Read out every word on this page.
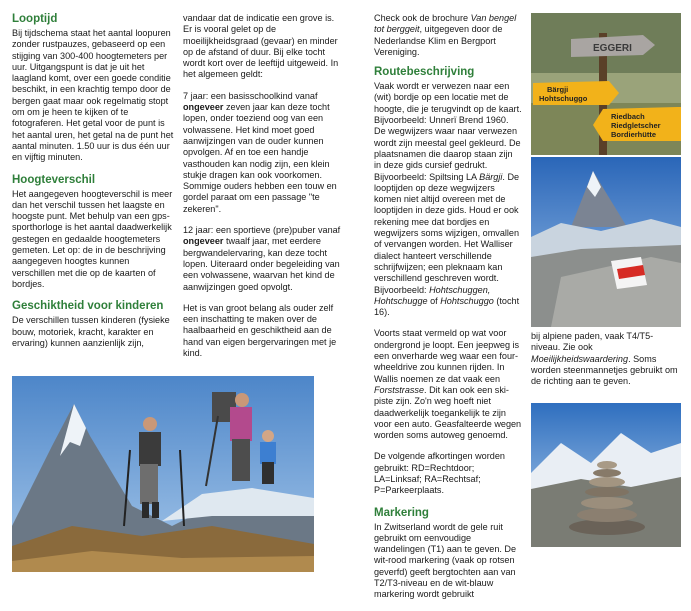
Looptijd

Bij tijdschema staat het aantal loopuren zonder rustpauzes, gebaseerd op een stijging van 300-400 hoogtemeters per uur. Uitgangspunt is dat je uit het laagland komt, over een goede conditie beschikt, in een krachtig tempo door de bergen gaat maar ook regelmatig stopt om om je heen te kijken of te fotograferen. Het getal voor de punt is het aantal uren, het getal na de punt het aantal minuten. 1.50 uur is dus één uur en vijftig minuten.

Hoogteverschil

Het aangegeven hoogteverschil is meer dan het verschil tussen het laagste en hoogste punt. Met behulp van een gps-sporthorloge is het aantal daadwerkelijk gestegen en gedaalde hoogtemeters gemeten. Let op: de in de beschrijving aangegeven hoogtes kunnen verschillen met die op de kaarten of bordjes.

Geschiktheid voor kinderen

De verschillen tussen kinderen (fysieke bouw, motoriek, kracht, karakter en ervaring) kunnen aanzienlijk zijn,

vandaar dat de indicatie een grove is. Er is vooral gelet op de moeilijkheidsgraad (gevaar) en minder op de afstand of duur. Bij elke tocht wordt kort over de leeftijd uitgeweid. In het algemeen geldt:

7 jaar: een basisschoolkind vanaf ongeveer zeven jaar kan deze tocht lopen, onder toeziend oog van een volwassene. Het kind moet goed aanwijzingen van de ouder kunnen opvolgen. Af en toe een handje vasthouden kan nodig zijn, een klein stukje dragen kan ook voorkomen. Sommige ouders hebben een touw en gordel paraat om een passage "te zekeren".

12 jaar: een sportieve (pre)puber vanaf ongeveer twaalf jaar, met eerdere bergwandelervaring, kan deze tocht lopen. Uiteraard onder begeleiding van een volwassene, waarvan het kind de aanwijzingen goed opvolgt.

Het is van groot belang als ouder zelf een inschatting te maken over de haalbaarheid en geschiktheid aan de hand van eigen bergervaringen met je kind.

Check ook de brochure Van bengel tot berggeit, uitgegeven door de Nederlandse Klim en Bergport Vereniging.

Routebeschrijving

Vaak wordt er verwezen naar een (wit) bordje op een locatie met de hoogte, die je terugvindt op de kaart. Bijvoorbeeld: Unnerï Brend 1960.

De wegwijzers waar naar verwezen wordt zijn meestal geel gekleurd. De plaatsnamen die daarop staan zijn in deze gids cursief gedrukt. Bijvoorbeeld: Spiltsing LA Bärgji. De looptijden op deze wegwijzers komen niet altijd overeen met de looptijden in deze gids. Houd er ook rekening mee dat bordjes en wegwijzers soms wijzigen, omvallen of vervangen worden. Het Walliser dialect hanteert verschillende schrijfwijzen; een pleknaam kan verschillend geschreven wordt. Bijvoorbeeld: Hohtschuggen, Hohtschugge of Hohtschuggo (tocht 16).

Voorts staat vermeld op wat voor ondergrond je loopt. Een jeepweg is een onverharde weg waar een four-wheeldrive zou kunnen rijden. In Wallis noemen ze dat vaak een Forststrasse. Dit kan ook een ski-piste zijn. Zo'n weg hoeft niet daadwerkelijk toegankelijk te zijn voor een auto. Geasfalteerde wegen worden soms autoweg genoemd.

De volgende afkortingen worden gebruikt: RD=Rechtdoor; LA=Linksaf; RA=Rechtsaf; P=Parkeerplaats.

Markering

In Zwitserland wordt de gele ruit gebruikt om eenvoudige wandelingen (T1) aan te geven. De wit-rood markering (vaak op rotsen geverfd) geeft bergtochten aan van T2/T3-niveau en de wit-blauw markering wordt gebruikt

EGGERI
Bärgji
Hohtschuggo
Riedbach
Riedgletscher
Bordierhütte

bij alpiene paden, vaak T4/T5-niveau. Zie ook Moeilijkheidswaardering. Soms worden steenmannetjes gebruikt om de richting aan te geven.
